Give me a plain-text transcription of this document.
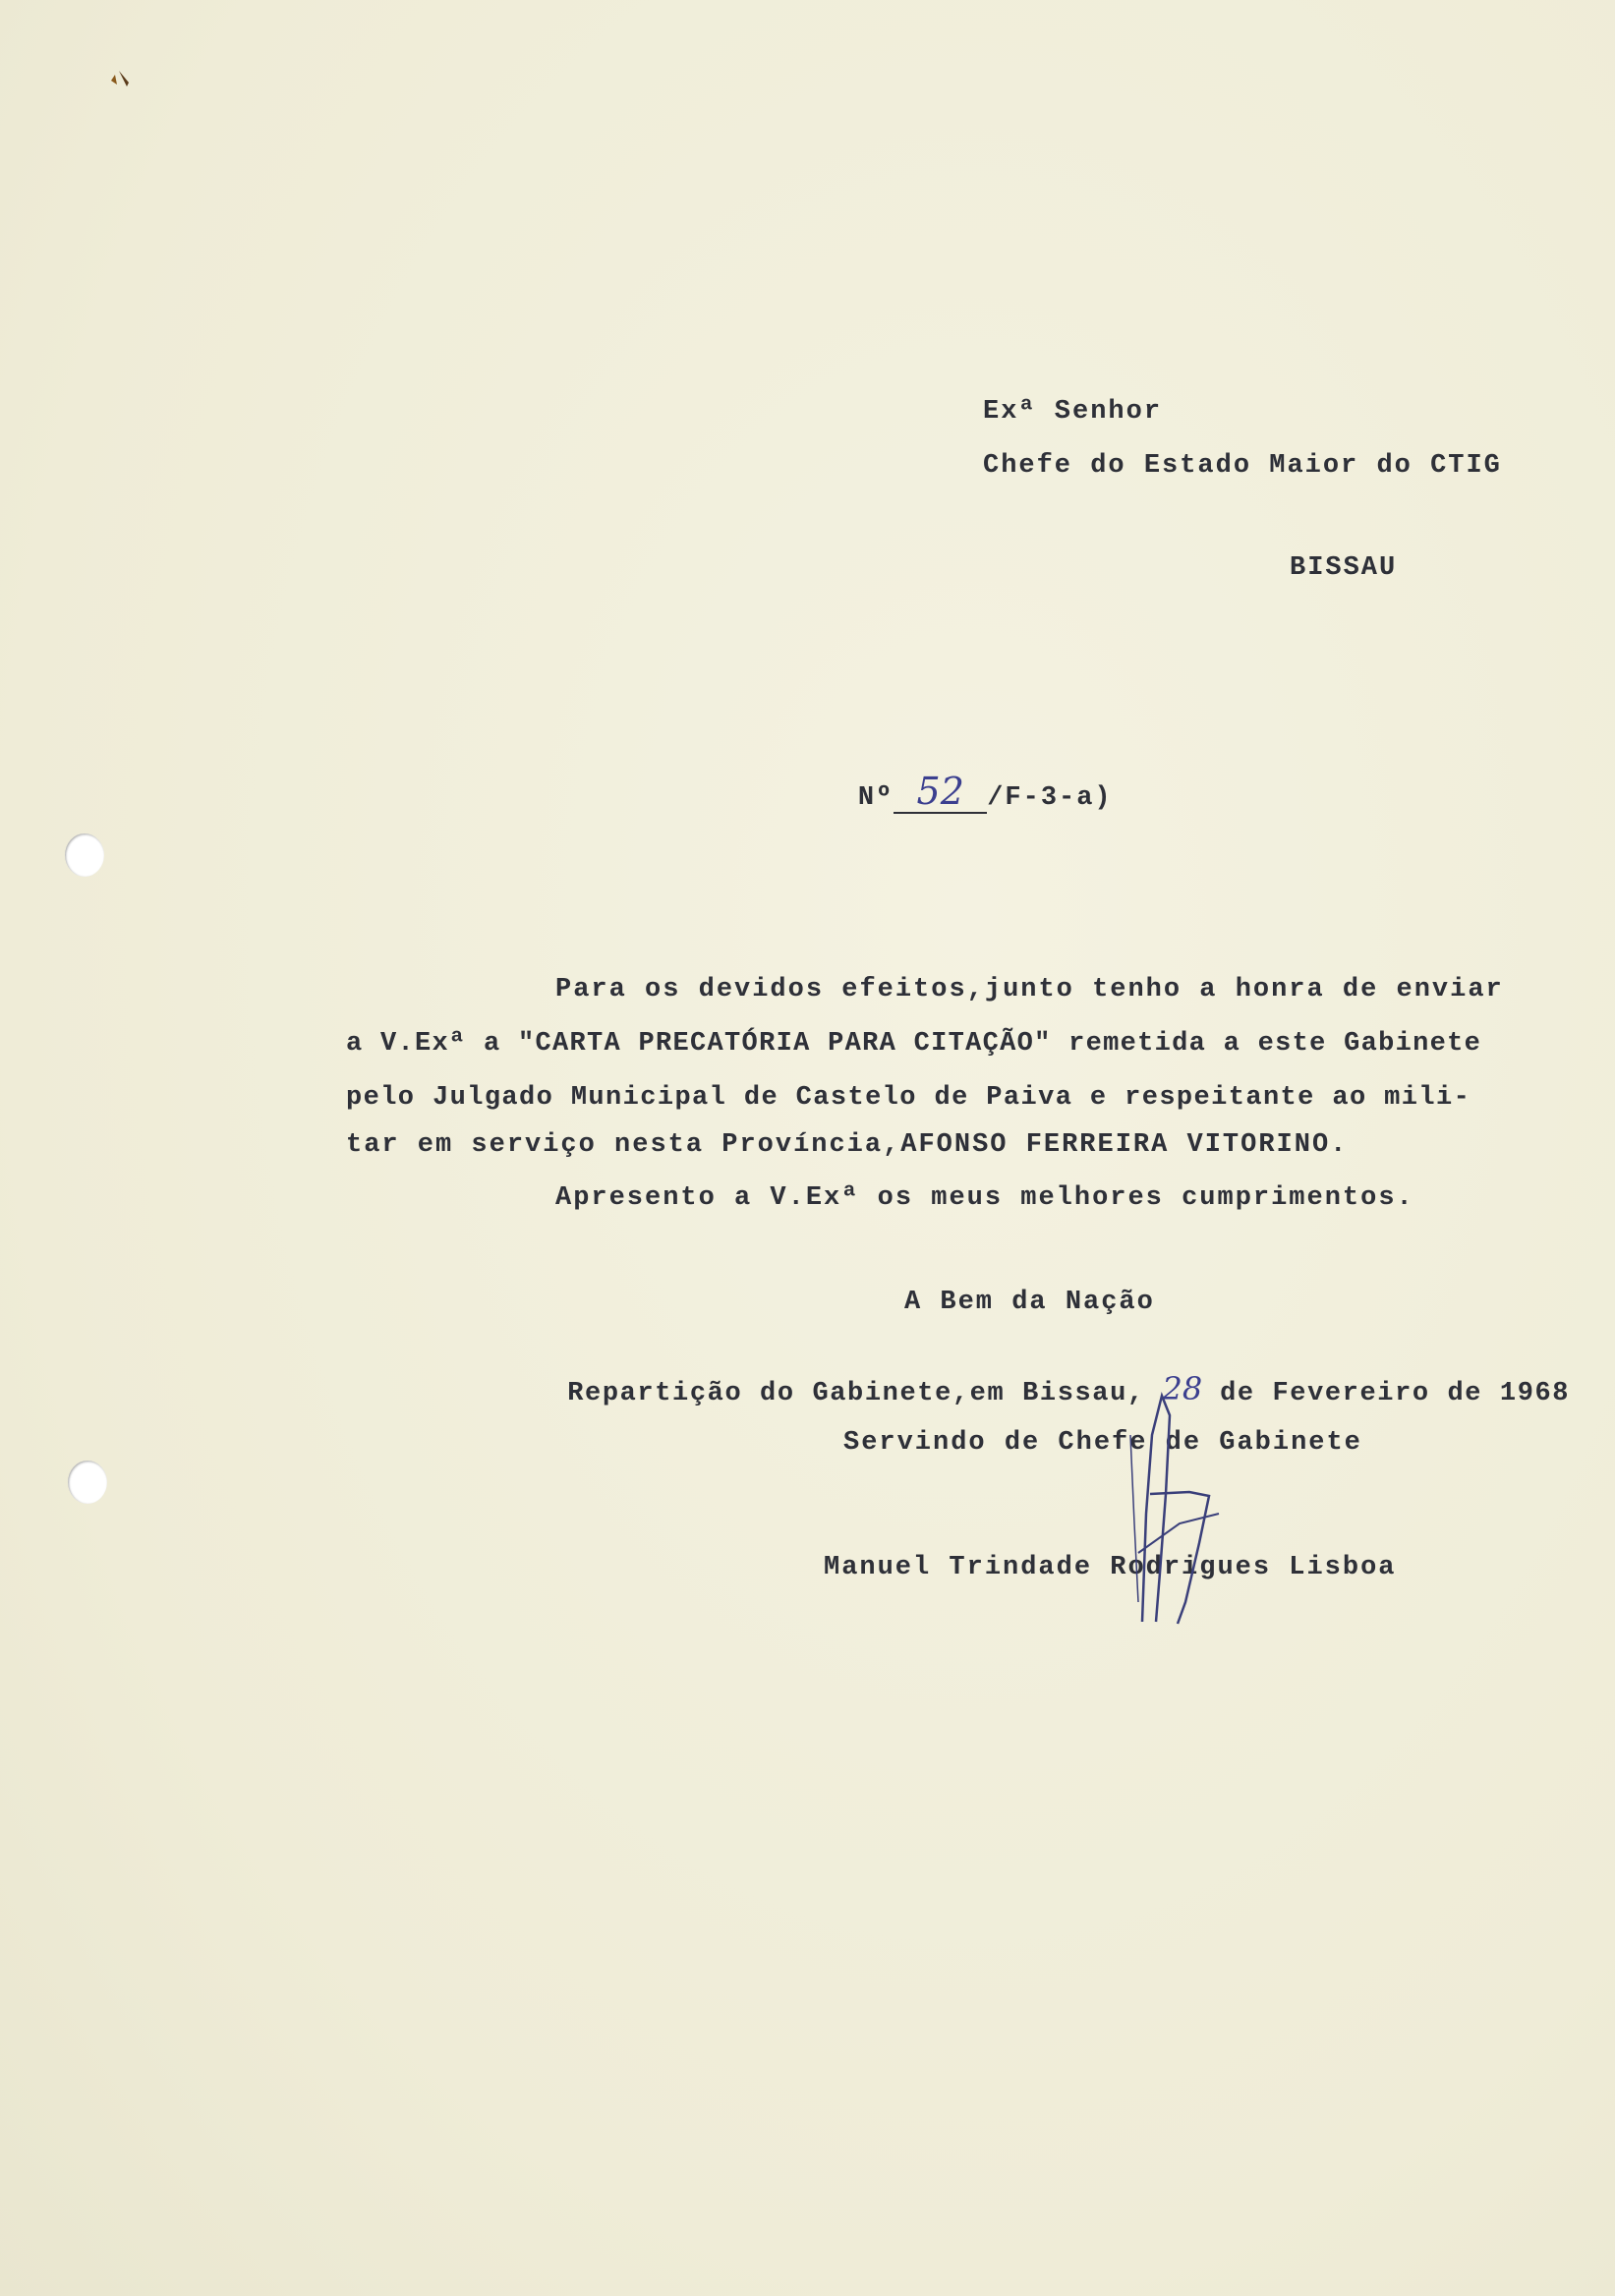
Exª Senhor
Chefe do Estado Maior do CTIG
BISSAU

Nº 52 /F-3-a)

Para os devidos efeitos,junto tenho a honra de enviar
a V.Exª a "CARTA PRECATÓRIA PARA CITAÇÃO" remetida a este Gabinete
pelo Julgado Municipal de Castelo de Paiva e respeitante ao mili-
tar em serviço nesta Província,AFONSO FERREIRA VITORINO.
Apresento a V.Exª os meus melhores cumprimentos.
A Bem da Nação

Repartição do Gabinete,em Bissau, 28 de Fevereiro de 1968

Servindo de Chefe de Gabinete
Manuel Trindade Rodrigues Lisboa
